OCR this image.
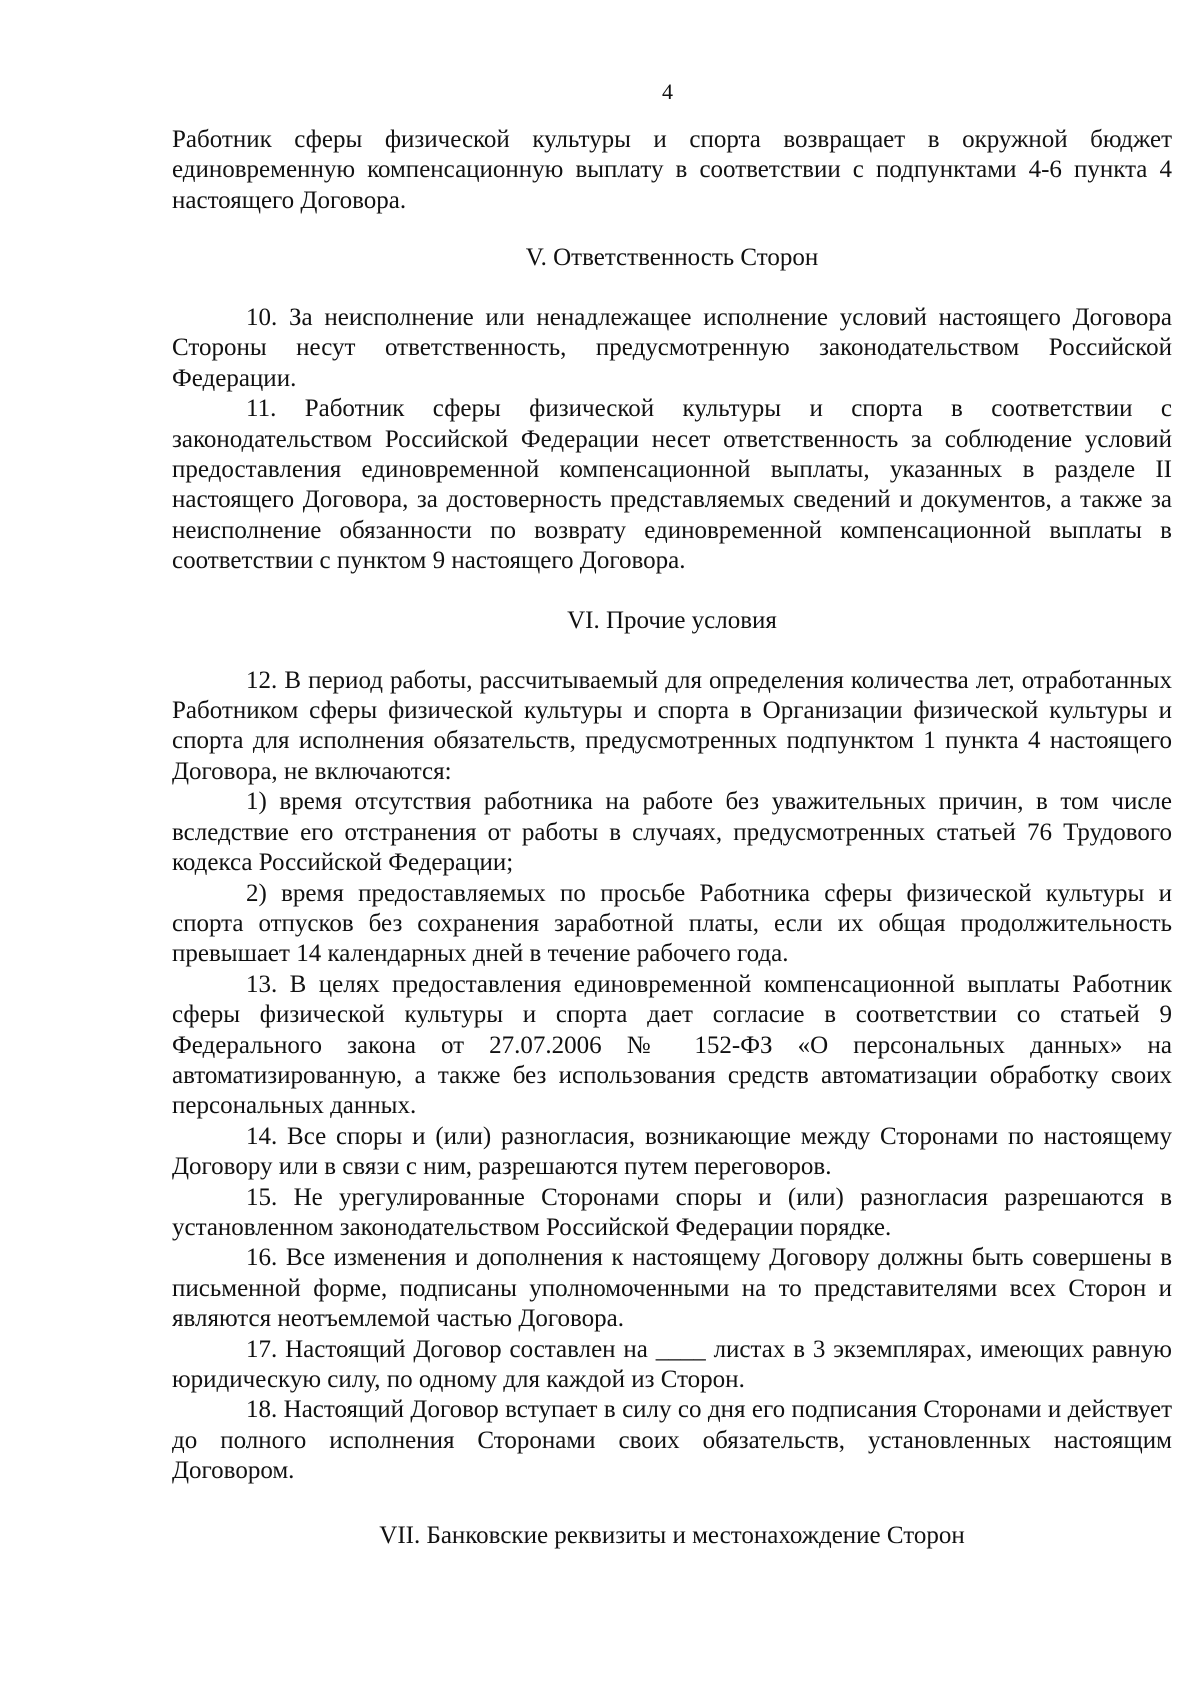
4

Работник сферы физической культуры и спорта возвращает в окружной бюджет единовременную компенсационную выплату в соответствии с подпунктами 4-6 пункта 4 настоящего Договора.

V. Ответственность Сторон

10. За неисполнение или ненадлежащее исполнение условий настоящего Договора Стороны несут ответственность, предусмотренную законодательством Российской Федерации.

11. Работник сферы физической культуры и спорта в соответствии с законодательством Российской Федерации несет ответственность за соблюдение условий предоставления единовременной компенсационной выплаты, указанных в разделе II настоящего Договора, за достоверность представляемых сведений и документов, а также за неисполнение обязанности по возврату единовременной компенсационной выплаты в соответствии с пунктом 9 настоящего Договора.

VI. Прочие условия

12. В период работы, рассчитываемый для определения количества лет, отработанных Работником сферы физической культуры и спорта в Организации физической культуры и спорта для исполнения обязательств, предусмотренных подпунктом 1 пункта 4 настоящего Договора, не включаются:

1) время отсутствия работника на работе без уважительных причин, в том числе вследствие его отстранения от работы в случаях, предусмотренных статьей 76 Трудового кодекса Российской Федерации;

2) время предоставляемых по просьбе Работника сферы физической культуры и спорта отпусков без сохранения заработной платы, если их общая продолжительность превышает 14 календарных дней в течение рабочего года.

13. В целях предоставления единовременной компенсационной выплаты Работник сферы физической культуры и спорта дает согласие в соответствии со статьей 9 Федерального закона от 27.07.2006 № 152-ФЗ «О персональных данных» на автоматизированную, а также без использования средств автоматизации обработку своих персональных данных.

14. Все споры и (или) разногласия, возникающие между Сторонами по настоящему Договору или в связи с ним, разрешаются путем переговоров.

15. Не урегулированные Сторонами споры и (или) разногласия разрешаются в установленном законодательством Российской Федерации порядке.

16. Все изменения и дополнения к настоящему Договору должны быть совершены в письменной форме, подписаны уполномоченными на то представителями всех Сторон и являются неотъемлемой частью Договора.

17. Настоящий Договор составлен на ____ листах в 3 экземплярах, имеющих равную юридическую силу, по одному для каждой из Сторон.

18. Настоящий Договор вступает в силу со дня его подписания Сторонами и действует до полного исполнения Сторонами своих обязательств, установленных настоящим Договором.

VII. Банковские реквизиты и местонахождение Сторон
